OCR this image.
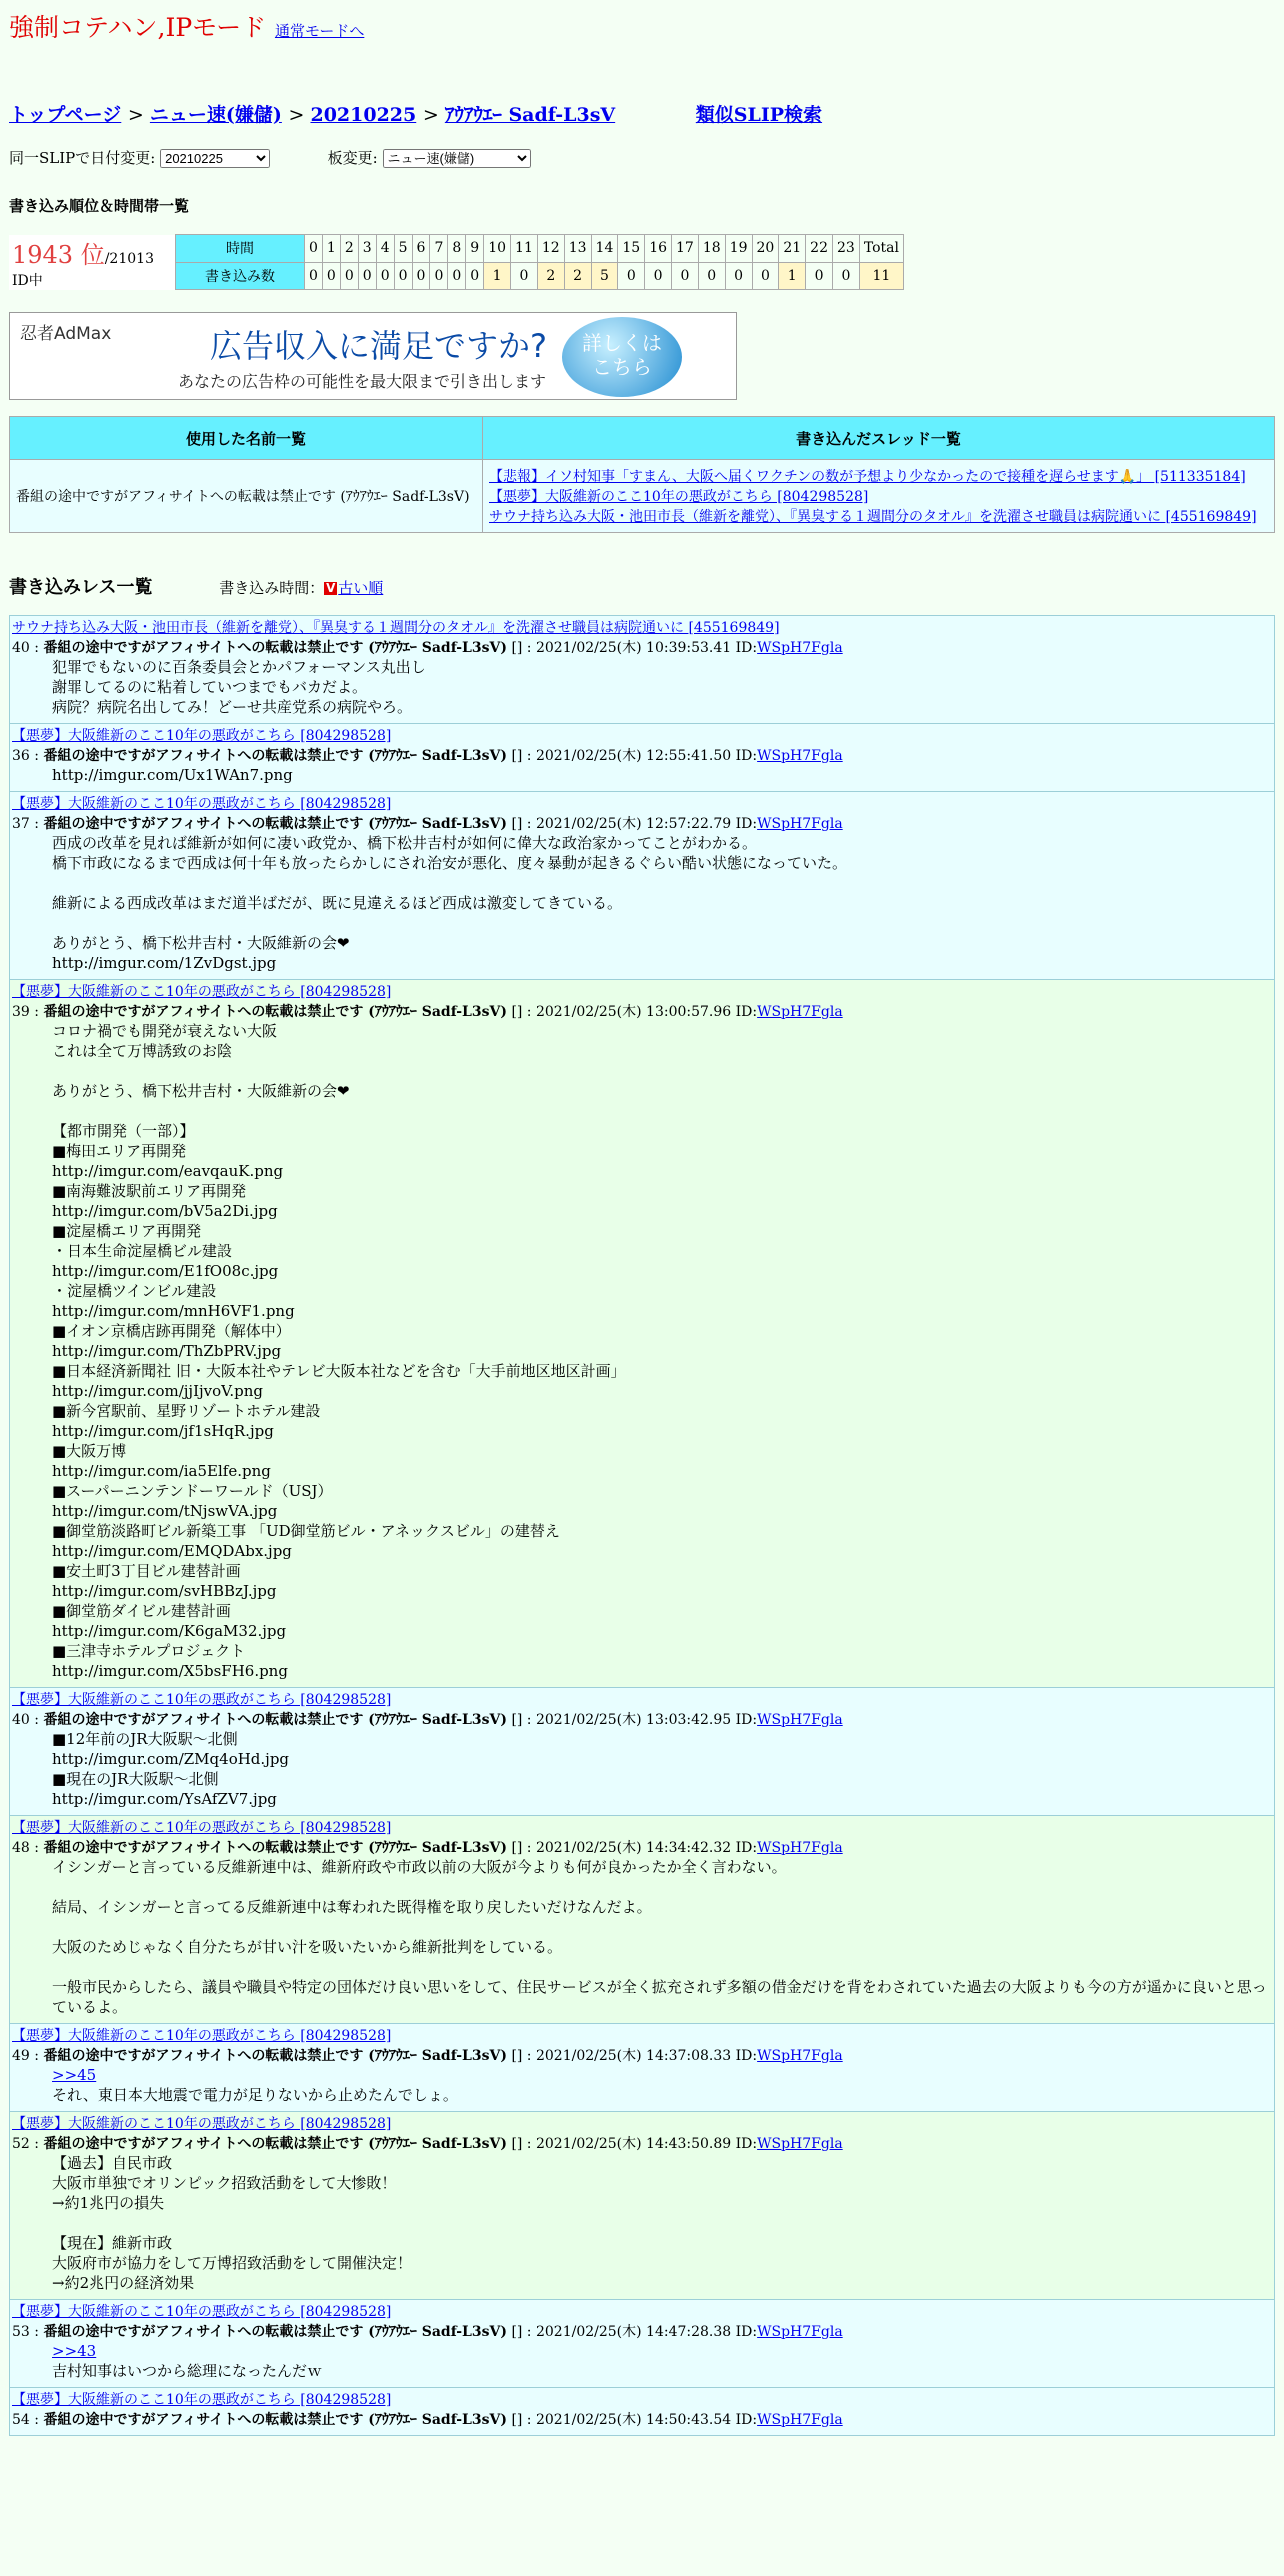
強制コテハン,IPモード 通常モードへ
トップページ > ニュー速(嫌儲) > 20210225 > ｱｳｱｳｴｰ Sadf-L3sV	類似SLIP検索
同一SLIPで日付変更:
20210225	板変更:
ニュー速(嫌儲)
書き込み順位＆時間帯一覧
1943 位/21013 ID中	時間	0	1	2	3	4	5	6	7	8	9	10	11	12	13	14	15	16	17	18	19	20	21	22	23	Total
	書き込み数	0	0	0	0	0	0	0	0	0	0	1	0	2	2	5	0	0	0	0	0	0	1	0	0	11
忍者AdMax	広告収入に満足ですか?
あなたの広告枠の可能性を最大限まで引き出します
詳しくは
こちら
使用した名前一覧	書き込んだスレッド一覧
番組の途中ですがアフィサイトへの転載は禁止です (ｱｳｱｳｴｰ Sadf-L3sV)	【悲報】イソ村知事「すまん、大阪へ届くワクチンの数が予想より少なかったので接種を遅らせます🙏」 [511335184]
【悪夢】大阪維新のここ10年の悪政がこちら [804298528]
サウナ持ち込み大阪・池田市長（維新を離党）、『異臭する１週間分のタオル』を洗濯させ職員は病院通いに [455169849]
書き込みレス一覧	書き込み時間： V 古い順
サウナ持ち込み大阪・池田市長（維新を離党）、『異臭する１週間分のタオル』を洗濯させ職員は病院通いに [455169849]
40 : 番組の途中ですがアフィサイトへの転載は禁止です (ｱｳｱｳｴｰ Sadf-L3sV) [] : 2021/02/25(木) 10:39:53.41 ID:WSpH7Fgla
犯罪でもないのに百条委員会とかパフォーマンス丸出し
謝罪してるのに粘着していつまでもバカだよ。
病院？病院名出してみ！どーせ共産党系の病院やろ。
【悪夢】大阪維新のここ10年の悪政がこちら [804298528]
36 : 番組の途中ですがアフィサイトへの転載は禁止です (ｱｳｱｳｴｰ Sadf-L3sV) [] : 2021/02/25(木) 12:55:41.50 ID:WSpH7Fgla
http://imgur.com/Ux1WAn7.png
【悪夢】大阪維新のここ10年の悪政がこちら [804298528]
37 : 番組の途中ですがアフィサイトへの転載は禁止です (ｱｳｱｳｴｰ Sadf-L3sV) [] : 2021/02/25(木) 12:57:22.79 ID:WSpH7Fgla
西成の改革を見れば維新が如何に凄い政党か、橋下松井吉村が如何に偉大な政治家かってことがわかる。
橋下市政になるまで西成は何十年も放ったらかしにされ治安が悪化、度々暴動が起きるぐらい酷い状態になっていた。

維新による西成改革はまだ道半ばだが、既に見違えるほど西成は激変してきている。

ありがとう、橋下松井吉村・大阪維新の会❤
http://imgur.com/1ZvDgst.jpg
【悪夢】大阪維新のここ10年の悪政がこちら [804298528]
39 : 番組の途中ですがアフィサイトへの転載は禁止です (ｱｳｱｳｴｰ Sadf-L3sV) [] : 2021/02/25(木) 13:00:57.96 ID:WSpH7Fgla
コロナ禍でも開発が衰えない大阪
これは全て万博誘致のお陰

ありがとう、橋下松井吉村・大阪維新の会❤

【都市開発（一部）】
■梅田エリア再開発
http://imgur.com/eavqauK.png
■南海難波駅前エリア再開発
http://imgur.com/bV5a2Di.jpg
■淀屋橋エリア再開発
・日本生命淀屋橋ビル建設
http://imgur.com/E1fO08c.jpg
・淀屋橋ツインビル建設
http://imgur.com/mnH6VF1.png
■イオン京橋店跡再開発（解体中）
http://imgur.com/ThZbPRV.jpg
■日本経済新聞社 旧・大阪本社やテレビ大阪本社などを含む「大手前地区地区計画」
http://imgur.com/jjIjvoV.png
■新今宮駅前、星野リゾートホテル建設
http://imgur.com/jf1sHqR.jpg
■大阪万博
http://imgur.com/ia5Elfe.png
■スーパーニンテンドーワールド（USJ）
http://imgur.com/tNjswVA.jpg
■御堂筋淡路町ビル新築工事 「UD御堂筋ビル・アネックスビル」の建替え
http://imgur.com/EMQDAbx.jpg
■安土町3丁目ビル建替計画
http://imgur.com/svHBBzJ.jpg
■御堂筋ダイビル建替計画
http://imgur.com/K6gaM32.jpg
■三津寺ホテルプロジェクト
http://imgur.com/X5bsFH6.png
【悪夢】大阪維新のここ10年の悪政がこちら [804298528]
40 : 番組の途中ですがアフィサイトへの転載は禁止です (ｱｳｱｳｴｰ Sadf-L3sV) [] : 2021/02/25(木) 13:03:42.95 ID:WSpH7Fgla
■12年前のJR大阪駅〜北側
http://imgur.com/ZMq4oHd.jpg
■現在のJR大阪駅〜北側
http://imgur.com/YsAfZV7.jpg
【悪夢】大阪維新のここ10年の悪政がこちら [804298528]
48 : 番組の途中ですがアフィサイトへの転載は禁止です (ｱｳｱｳｴｰ Sadf-L3sV) [] : 2021/02/25(木) 14:34:42.32 ID:WSpH7Fgla
イシンガーと言っている反維新連中は、維新府政や市政以前の大阪が今よりも何が良かったか全く言わない。

結局、イシンガーと言ってる反維新連中は奪われた既得権を取り戻したいだけなんだよ。

大阪のためじゃなく自分たちが甘い汁を吸いたいから維新批判をしている。

一般市民からしたら、議員や職員や特定の団体だけ良い思いをして、住民サービスが全く拡充されず多額の借金だけを背をわされていた過去の大阪よりも今の方が遥かに良いと思っているよ。
【悪夢】大阪維新のここ10年の悪政がこちら [804298528]
49 : 番組の途中ですがアフィサイトへの転載は禁止です (ｱｳｱｳｴｰ Sadf-L3sV) [] : 2021/02/25(木) 14:37:08.33 ID:WSpH7Fgla
>>45
それ、東日本大地震で電力が足りないから止めたんでしょ。
【悪夢】大阪維新のここ10年の悪政がこちら [804298528]
52 : 番組の途中ですがアフィサイトへの転載は禁止です (ｱｳｱｳｴｰ Sadf-L3sV) [] : 2021/02/25(木) 14:43:50.89 ID:WSpH7Fgla
【過去】自民市政
大阪市単独でオリンピック招致活動をして大惨敗！
→約1兆円の損失

【現在】維新市政
大阪府市が協力をして万博招致活動をして開催決定！
→約2兆円の経済効果
【悪夢】大阪維新のここ10年の悪政がこちら [804298528]
53 : 番組の途中ですがアフィサイトへの転載は禁止です (ｱｳｱｳｴｰ Sadf-L3sV) [] : 2021/02/25(木) 14:47:28.38 ID:WSpH7Fgla
>>43
吉村知事はいつから総理になったんだｗ
【悪夢】大阪維新のここ10年の悪政がこちら [804298528]
54 : 番組の途中ですがアフィサイトへの転載は禁止です (ｱｳｱｳｴｰ Sadf-L3sV) [] : 2021/02/25(木) 14:50:43.54 ID:WSpH7Fgla
